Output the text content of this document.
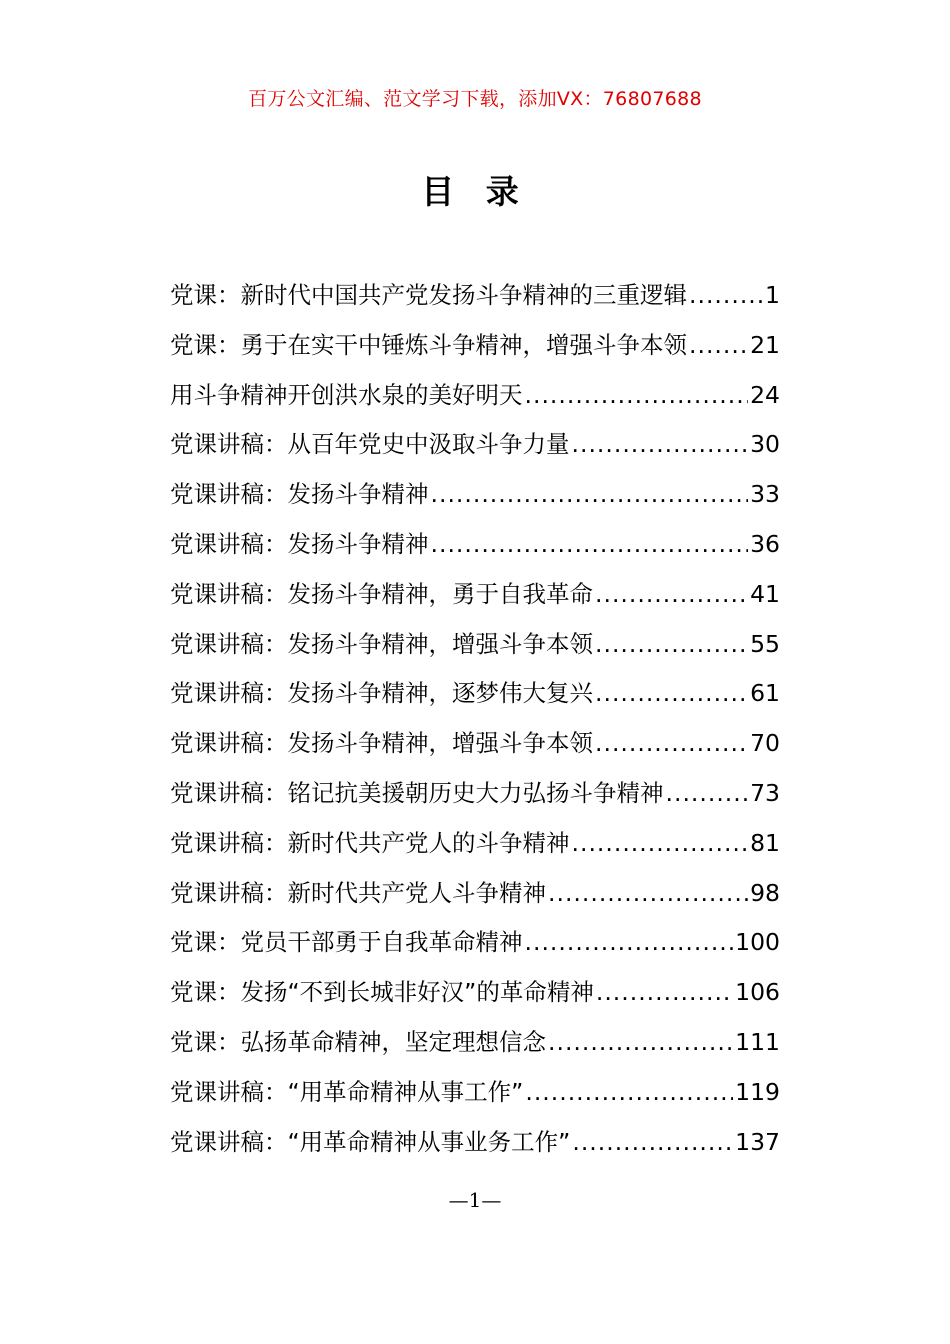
百万公文汇编、范文学习下载，添加VX：76807688
目 录
党课：新时代中国共产党发扬斗争精神的三重逻辑 .....	1
党课：勇于在实干中锤炼斗争精神，增强斗争本领 .....	21
用斗争精神开创洪水泉的美好明天 .....	24
党课讲稿：从百年党史中汲取斗争力量 .....	30
党课讲稿：发扬斗争精神 .....	33
党课讲稿：发扬斗争精神 .....	36
党课讲稿：发扬斗争精神，勇于自我革命 .....	41
党课讲稿：发扬斗争精神，增强斗争本领 .....	55
党课讲稿：发扬斗争精神，逐梦伟大复兴 .....	61
党课讲稿：发扬斗争精神，增强斗争本领 .....	70
党课讲稿：铭记抗美援朝历史大力弘扬斗争精神 .....	73
党课讲稿：新时代共产党人的斗争精神 .....	81
党课讲稿：新时代共产党人斗争精神 .....	98
党课：党员干部勇于自我革命精神 .....	100
党课：发扬“不到长城非好汉”的革命精神 .....	106
党课：弘扬革命精神，坚定理想信念 .....	111
党课讲稿：“用革命精神从事工作” .....	119
党课讲稿：“用革命精神从事业务工作” .....	137
—1—
